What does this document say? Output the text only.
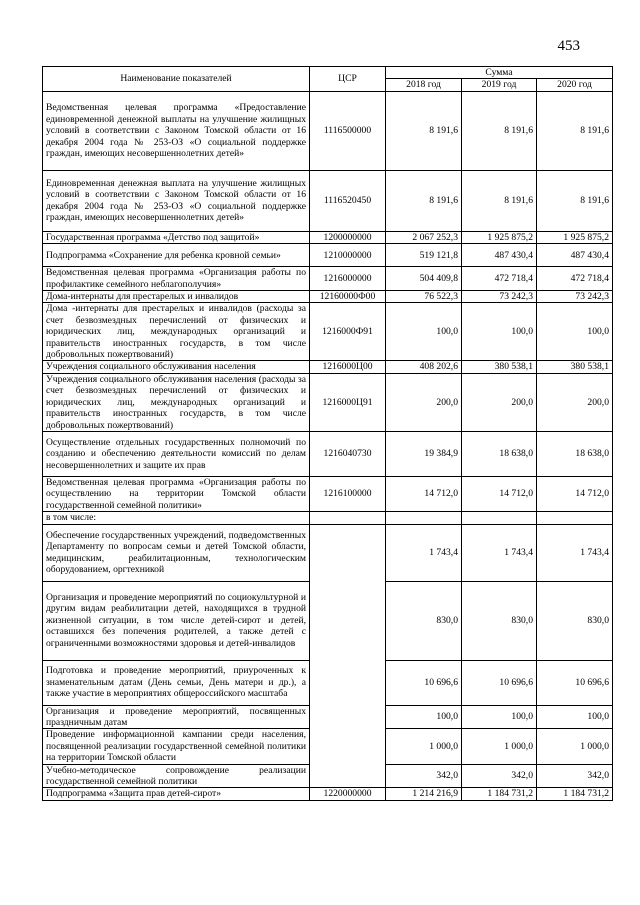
453
Наименование показателей	ЦСР	Сумма		
		2018 год	2019 год	2020 год
Ведомственная целевая программа «Предоставление единовременной денежной выплаты на улучшение жилищных условий в соответствии с Законом Томской области от 16 декабря 2004 года № 253-ОЗ «О социальной поддержке граждан, имеющих несовершеннолетних детей»	1116500000	8 191,6	8 191,6	8 191,6
Единовременная денежная выплата на улучшение жилищных условий в соответствии с Законом Томской области от 16 декабря 2004 года № 253-ОЗ «О социальной поддержке граждан, имеющих несовершеннолетних детей»	1116520450	8 191,6	8 191,6	8 191,6
Государственная программа «Детство под защитой»	1200000000	2 067 252,3	1 925 875,2	1 925 875,2
Подпрограмма «Сохранение для ребенка кровной семьи»	1210000000	519 121,8	487 430,4	487 430,4
Ведомственная целевая программа «Организация работы по профилактике семейного неблагополучия»	1216000000	504 409,8	472 718,4	472 718,4
Дома-интернаты для престарелых и инвалидов	12160000Ф00	76 522,3	73 242,3	73 242,3
Дома -интернаты для престарелых и инвалидов (расходы за счет безвозмездных перечислений от физических и юридических лиц, международных организаций и правительств иностранных государств, в том числе добровольных пожертвований)	1216000Ф91	100,0	100,0	100,0
Учреждения социального обслуживания населения	1216000Ц00	408 202,6	380 538,1	380 538,1
Учреждения социального обслуживания населения (расходы за счет безвозмездных перечислений от физических и юридических лиц, международных организаций и правительств иностранных государств, в том числе добровольных пожертвований)	1216000Ц91	200,0	200,0	200,0
Осуществление отдельных государственных полномочий по созданию и обеспечению деятельности комиссий по делам несовершеннолетних и защите их прав	1216040730	19 384,9	18 638,0	18 638,0
Ведомственная целевая программа «Организация работы по осуществлению на территории Томской области государственной семейной политики»	1216100000	14 712,0	14 712,0	14 712,0
в том числе:				
Обеспечение государственных учреждений, подведомственных Департаменту по вопросам семьи и детей Томской области, медицинским, реабилитационным, технологическим оборудованием, оргтехникой		1 743,4	1 743,4	1 743,4
Организация и проведение мероприятий по социокультурной и другим видам реабилитации детей, находящихся в трудной жизненной ситуации, в том числе детей-сирот и детей, оставшихся без попечения родителей, а также детей с ограниченными возможностями здоровья и детей-инвалидов		830,0	830,0	830,0
Подготовка и проведение мероприятий, приуроченных к знаменательным датам (День семьи, День матери и др.), а также участие в мероприятиях общероссийского масштаба		10 696,6	10 696,6	10 696,6
Организация и проведение мероприятий, посвященных праздничным датам		100,0	100,0	100,0
Проведение информационной кампании среди населения, посвященной реализации государственной семейной политики на территории Томской области		1 000,0	1 000,0	1 000,0
Учебно-методическое сопровождение реализации государственной семейной политики		342,0	342,0	342,0
Подпрограмма «Защита прав детей-сирот»	1220000000	1 214 216,9	1 184 731,2	1 184 731,2
